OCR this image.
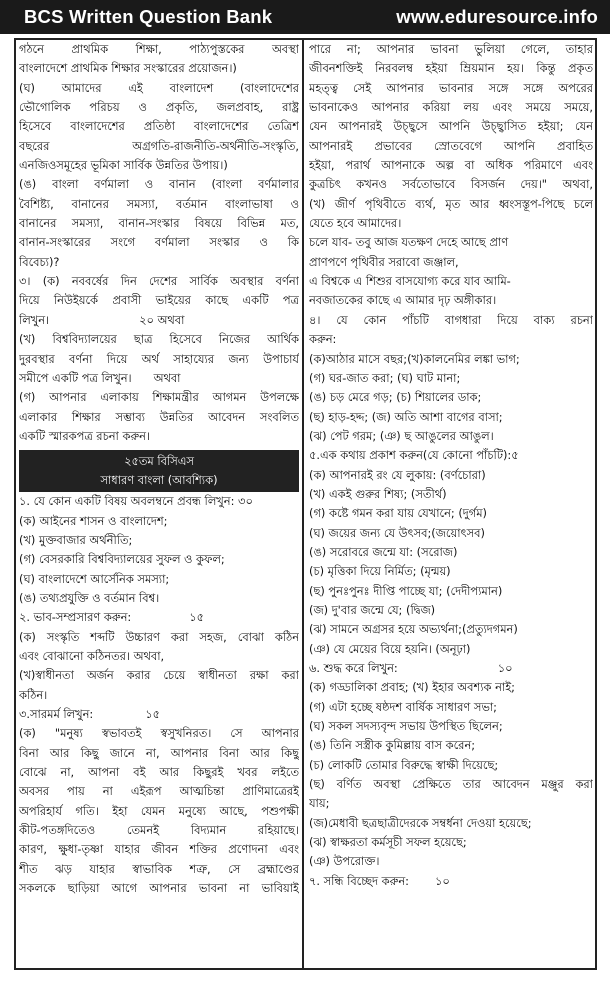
BCS Written Question Bank	www.eduresource.info
গঠনে প্রাথমিক শিক্ষা, পাঠ্যপুস্তকের অবস্থা
বাংলাদেশে প্রাথমিক শিক্ষার সংস্কারের প্রয়োজন।)
(ঘ) আমাদের এই বাংলাদেশ (বাংলাদেশের
ভৌগোলিক পরিচয় ও প্রকৃতি, জলপ্রবাহ, রাষ্ট্র
হিসেবে বাংলাদেশের প্রতিষ্ঠা বাংলাদেশের তেত্রিশ
বছরের অগ্রগতি-রাজনীতি-অর্থনীতি-সংস্কৃতি,
এনজিওসমূহের ভূমিকা সার্বিক উন্নতির উপায়।)
(ঙ) বাংলা বর্ণমালা ও বানান (বাংলা বর্ণমালার
বৈশিষ্ট্য, বানানের সমস্যা, বর্তমান বাংলাভাষা ও
বানানের সমস্যা, বানান-সংস্কার বিষয়ে বিভিন্ন মত,
বানান-সংস্কারের সংগে বর্ণমালা সংস্কার ও কি
বিবেচ্য)?
৩। (ক) নববর্ষের দিন দেশের সার্বিক অবস্থার বর্ণনা
দিয়ে নিউইয়র্কে প্রবাসী ভাইয়ের কাছে একটি পত্র
লিখুন।	২০ অথবা
(খ) বিশ্ববিদ্যালয়ের ছাত্র হিসেবে নিজের আর্থিক
দুরবস্থার বর্ণনা দিয়ে অর্থ সাহায্যের জন্য উপাচার্য
সমীপে একটি পত্র লিখুন। অথবা
(গ) আপনার এলাকায় শিক্ষামন্ত্রীর আগমন উপলক্ষে
এলাকার শিক্ষার সম্ভাব্য উন্নতির আবেদন সংবলিত
একটি স্মারকপত্র রচনা করুন।
২৫তম বিসিএস
সাধারণ বাংলা (আবশ্যিক)
১. যে কোন একটি বিষয় অবলম্বনে প্রবন্ধ লিখুন: ৩০
(ক) আইনের শাসন ও বাংলাদেশ;
(খ) মুক্তবাজার অর্থনীতি;
(গ) বেসরকারি বিশ্ববিদ্যালয়ের সুফল ও কুফল;
(ঘ) বাংলাদেশে আর্সেনিক সমস্যা;
(ঙ) তথ্যপ্রযুক্তি ও বর্তমান বিশ্ব।
২. ভাব-সম্প্রসারণ করুন:	১৫
(ক) সংস্কৃতি শব্দটি উচ্চারণ করা সহজ, বোঝা কঠিন
এবং বোঝানো কঠিনতর। অথবা,
(খ)স্বাধীনতা অর্জন করার চেয়ে স্বাধীনতা রক্ষা করা
কঠিন।
৩.সারমর্ম লিখুন:	১৫
(ক) "মনুষ্য স্বভাবতই স্বসুখনিরত। সে আপনার
বিনা আর কিছু জানে না, আপনার বিনা আর কিছু
বোঝে না, আপনা বই আর কিছুরই খবর লইতে
অবসর পায় না এইরূপ আত্মচিন্তা প্রাণিমাত্রেরই
অপরিহার্য গতি। ইহা যেমন মনুষ্যে আছে, পশুপক্ষী
কীট-পতঙ্গদিতেও তেমনই বিদ্যমান রহিয়াছে।
কারণ, ক্ষুধা-তৃষ্ণা যাহার জীবন শক্তির প্রণোদনা এবং
শীত ঝড় যাহার স্বাভাবিক শত্রু, সে ব্রহ্মাণ্ডের
সকলকে ছাড়িয়া আগে আপনার ভাবনা না ভাবিয়াই
পারে না; আপনার ভাবনা ভুলিয়া গেলে, তাহার
জীবনশক্তিই নিরবলম্ব হইয়া ম্রিয়মান হয়। কিন্তু প্রকৃত
মহত্ত্ব সেই আপনার ভাবনার সঙ্গে সঙ্গে অপরের
ভাবনাকেও আপনার করিয়া লয় এবং সময়ে সময়ে,
যেন আপনারই উচ্ছ্বসে আপনি উচ্ছ্বাসিত হইয়া; যেন
আপনারই প্রভাবের স্রোতবেগে আপনি প্রবাহিত
হইয়া, পরার্থ আপনাকে অল্প বা অধিক পরিমাণে এবং
কুত্রচিৎ কখনও সর্বতোভাবে বিসর্জন দেয়।" অথবা,
(খ) জীর্ণ পৃথিবীতে ব্যর্থ, মৃত আর ধ্বংসস্তূপ-পিছে চলে
যেতে হবে আমাদের।
চলে যাব- তবু আজ যতক্ষণ দেহে আছে প্রাণ
প্রাণপণে পৃথিবীর সরাবো জঞ্জাল,
এ বিশ্বকে এ শিশুর বাসযোগ্য করে যাব আমি-
নবজাতকের কাছে এ আমার দৃঢ় অঙ্গীকার।
৪। যে কোন পাঁচটি বাগধারা দিয়ে বাক্য রচনা
করুন:
(ক)আঠার মাসে বছর;(খ)কালনেমির লঙ্কা ভাগ;
(গ) ঘর-জাত করা; (ঘ) ঘাট মানা;
(ঙ) চড় মেরে গড়; (চ) শিয়ালের ডাক;
(ছ) হাড়-হদ্দ; (জ) অতি আশা বাগের বাসা;
(ঝ) পেট গরম; (ঞ) ছ আঙুলের আঙুল।
৫.এক কথায় প্রকাশ করুন(যে কোনো পাঁচটি):৫
(ক) আপনারই রং যে লুকায়: (বর্ণচোরা)
(খ) একই গুরুর শিষ্য; (সতীর্থ)
(গ) কষ্টে গমন করা যায় যেখানে; (দুর্গম)
(ঘ) জয়ের জন্য যে উৎসব;(জয়োৎসব)
(ঙ) সরোবরে জন্মে যা: (সরোজ)
(চ) মৃত্তিকা দিয়ে নির্মিত; (মৃন্ময়)
(ছ) পুনঃপুনঃ দীপ্তি পাচ্ছে যা; (দেদীপ্যমান)
(জ) দু'বার জন্মে যে; (দ্বিজ)
(ঝ) সামনে অগ্রসর হয়ে অভ্যর্থনা;(প্রত্যুদগমন)
(ঞ) যে মেয়ের বিয়ে হয়নি। (অনূঢ়া)
৬. শুদ্ধ করে লিখুন:	১০
(ক) গড্ডালিকা প্রবাহ; (খ) ইহার অবশ্যক নাই;
(গ) এটা হচ্ছে ষষ্ঠদশ বার্ষিক সাধারণ সভা;
(ঘ) সকল সদস্যবৃন্দ সভায় উপস্থিত ছিলেন;
(ঙ) তিনি সস্ত্রীক কুমিল্লায় বাস করেন;
(চ) লোকটি তোমার বিরুদ্ধে স্বাক্ষী দিয়েছে;
(ছ) বর্ণিত অবস্থা প্রেক্ষিতে তার আবেদন মঞ্জুর করা
যায়;
(জ)মেধাবী ছত্রছাত্রীদেরকে সম্বর্ধনা দেওয়া হয়েছে;
(ঝ) স্বাক্ষরতা কর্মসূচী সফল হয়েছে;
(ঞ) উপরোক্ত।
৭. সন্ধি বিচ্ছেদ করুন: ১০
